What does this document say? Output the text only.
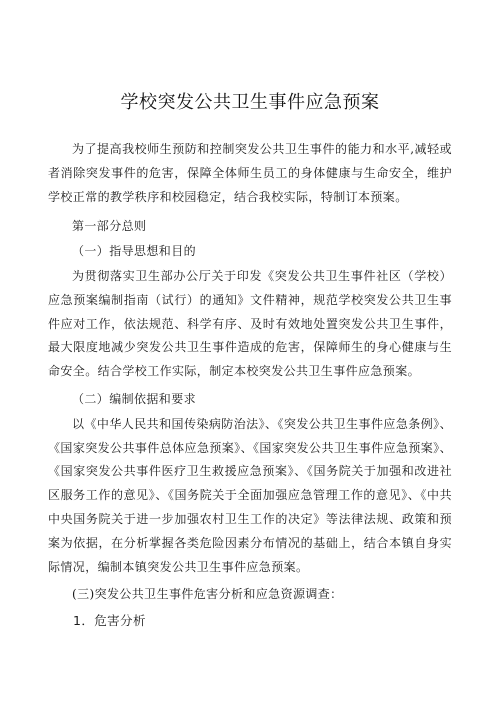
学校突发公共卫生事件应急预案

为了提高我校师生预防和控制突发公共卫生事件的能力和水平,减轻或者消除突发事件的危害，保障全体师生员工的身体健康与生命安全，维护学校正常的教学秩序和校园稳定，结合我校实际，特制订本预案。

第一部分总则

（一）指导思想和目的

为贯彻落实卫生部办公厅关于印发《突发公共卫生事件社区（学校）应急预案编制指南（试行）的通知》文件精神，规范学校突发公共卫生事件应对工作，依法规范、科学有序、及时有效地处置突发公共卫生事件，最大限度地减少突发公共卫生事件造成的危害，保障师生的身心健康与生命安全。结合学校工作实际，制定本校突发公共卫生事件应急预案。

（二）编制依据和要求

以《中华人民共和国传染病防治法》、《突发公共卫生事件应急条例》、《国家突发公共事件总体应急预案》、《国家突发公共卫生事件应急预案》、《国家突发公共事件医疗卫生救援应急预案》、《国务院关于加强和改进社区服务工作的意见》、《国务院关于全面加强应急管理工作的意见》、《中共中央国务院关于进一步加强农村卫生工作的决定》等法律法规、政策和预案为依据，在分析掌握各类危险因素分布情况的基础上，结合本镇自身实际情况，编制本镇突发公共卫生事件应急预案。

(三)突发公共卫生事件危害分析和应急资源调查：

1．危害分析
